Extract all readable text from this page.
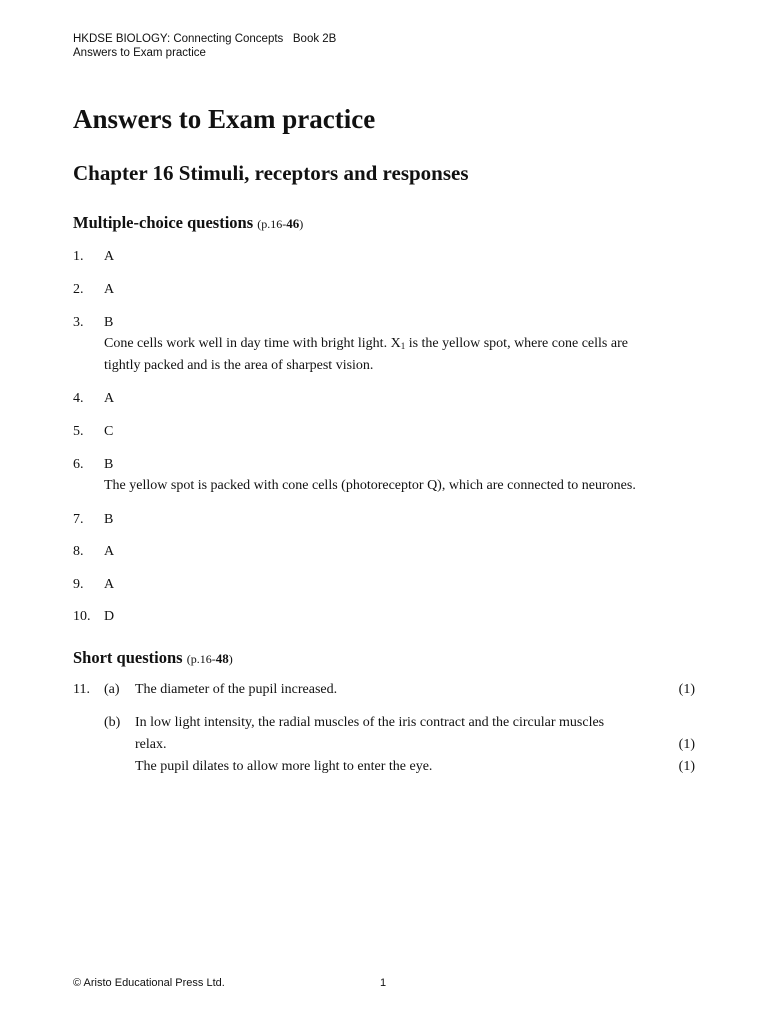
HKDSE BIOLOGY: Connecting Concepts   Book 2B
Answers to Exam practice
Answers to Exam practice
Chapter 16 Stimuli, receptors and responses
Multiple-choice questions (p.16-46)
1. A
2. A
3. B
Cone cells work well in day time with bright light. $X_1$ is the yellow spot, where cone cells are
tightly packed and is the area of sharpest vision.
4. A
5. C
6. B
The yellow spot is packed with cone cells (photoreceptor Q), which are connected to neurones.
7. B
8. A
9. A
10. D
Short questions (p.16-48)
11. (a) The diameter of the pupil increased.	(1)
(b) In low light intensity, the radial muscles of the iris contract and the circular muscles
relax.	(1)
The pupil dilates to allow more light to enter the eye.	(1)
© Aristo Educational Press Ltd.	1
